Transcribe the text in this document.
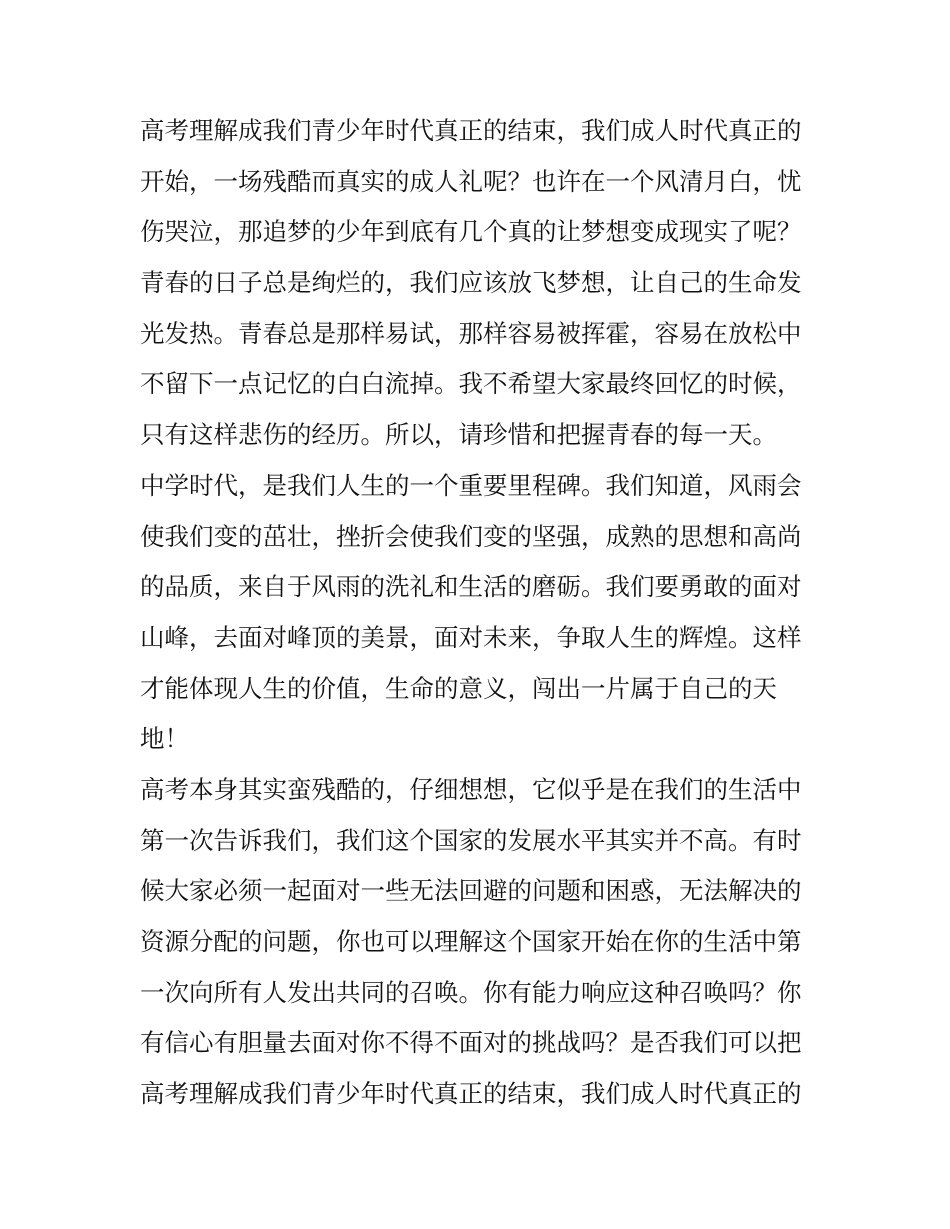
高考理解成我们青少年时代真正的结束，我们成人时代真正的
开始，一场残酷而真实的成人礼呢？也许在一个风清月白，忧
伤哭泣，那追梦的少年到底有几个真的让梦想变成现实了呢？
青春的日子总是绚烂的，我们应该放飞梦想，让自己的生命发
光发热。青春总是那样易试，那样容易被挥霍，容易在放松中
不留下一点记忆的白白流掉。我不希望大家最终回忆的时候，
只有这样悲伤的经历。所以，请珍惜和把握青春的每一天。
中学时代，是我们人生的一个重要里程碑。我们知道，风雨会
使我们变的茁壮，挫折会使我们变的坚强，成熟的思想和高尚
的品质，来自于风雨的洗礼和生活的磨砺。我们要勇敢的面对
山峰，去面对峰顶的美景，面对未来，争取人生的辉煌。这样
才能体现人生的价值，生命的意义，闯出一片属于自己的天
地！
高考本身其实蛮残酷的，仔细想想，它似乎是在我们的生活中
第一次告诉我们，我们这个国家的发展水平其实并不高。有时
候大家必须一起面对一些无法回避的问题和困惑，无法解决的
资源分配的问题，你也可以理解这个国家开始在你的生活中第
一次向所有人发出共同的召唤。你有能力响应这种召唤吗？你
有信心有胆量去面对你不得不面对的挑战吗？是否我们可以把
高考理解成我们青少年时代真正的结束，我们成人时代真正的
